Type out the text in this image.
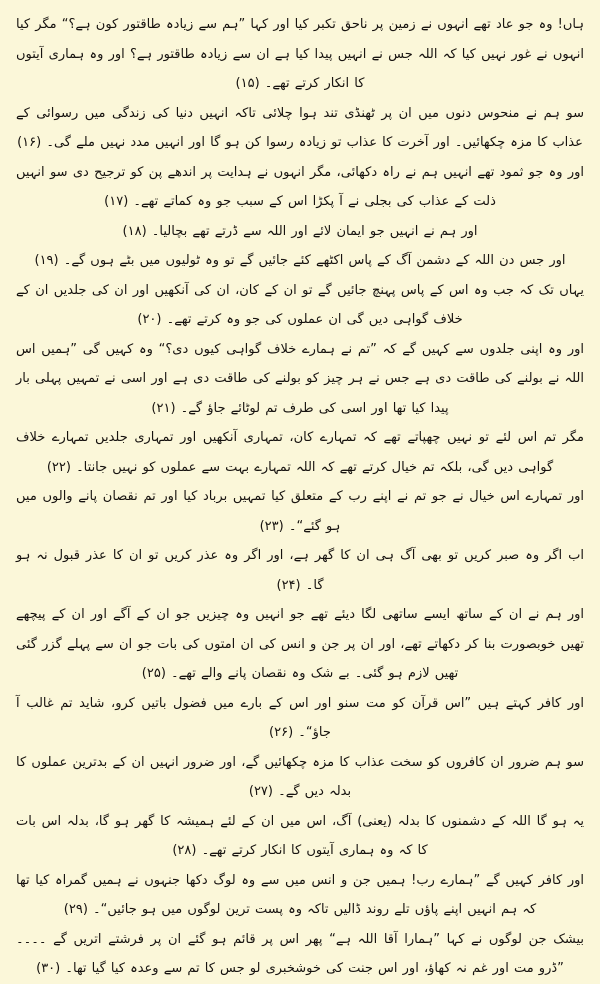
ہاں! وہ جو عاد تھے انہوں نے زمین پر ناحق تکبر کیا اور کہا ”ہم سے زیادہ طاقتور کون ہے؟“ مگر کیا انہوں نے غور نہیں کیا کہ اللہ جس نے انہیں پیدا کیا ہے ان سے زیادہ طاقتور ہے؟ اور وہ ہماری آیتوں کا انکار کرتے تھے۔ (۱۵)

سو ہم نے منحوس دنوں میں ان پر ٹھنڈی تند ہوا چلائی تاکہ انہیں دنیا کی زندگی میں رسوائی کے عذاب کا مزہ چکھائیں۔ اور آخرت کا عذاب تو زیادہ رسوا کن ہو گا اور انہیں مدد نہیں ملے گی۔ (۱۶)

اور وہ جو ثمود تھے انہیں ہم نے راہ دکھائی، مگر انہوں نے ہدایت پر اندھے پن کو ترجیح دی سو انہیں ذلت کے عذاب کی بجلی نے آ پکڑا اس کے سبب جو وہ کماتے تھے۔ (۱۷)

اور ہم نے انہیں جو ایمان لائے اور اللہ سے ڈرتے تھے بچالیا۔ (۱۸)

اور جس دن اللہ کے دشمن آگ کے پاس اکٹھے کئے جائیں گے تو وہ ٹولیوں میں بٹے ہوں گے۔ (۱۹)

یہاں تک کہ جب وہ اس کے پاس پہنچ جائیں گے تو ان کے کان، ان کی آنکھیں اور ان کی جلدیں ان کے خلاف گواہی دیں گی ان عملوں کی جو وہ کرتے تھے۔ (۲۰)

اور وہ اپنی جلدوں سے کہیں گے کہ ”تم نے ہمارے خلاف گواہی کیوں دی؟“ وہ کہیں گی ”ہمیں اس اللہ نے بولنے کی طاقت دی ہے جس نے ہر چیز کو بولنے کی طاقت دی ہے اور اسی نے تمہیں پہلی بار پیدا کیا تھا اور اسی کی طرف تم لوٹائے جاؤ گے۔ (۲۱)

مگر تم اس لئے تو نہیں چھپاتے تھے کہ تمہارے کان، تمہاری آنکھیں اور تمہاری جلدیں تمہارے خلاف گواہی دیں گی، بلکہ تم خیال کرتے تھے کہ اللہ تمہارے بہت سے عملوں کو نہیں جانتا۔ (۲۲)

اور تمہارے اس خیال نے جو تم نے اپنے رب کے متعلق کیا تمہیں برباد کیا اور تم نقصان پانے والوں میں ہو گئے“۔ (۲۳)

اب اگر وہ صبر کریں تو بھی آگ ہی ان کا گھر ہے، اور اگر وہ عذر کریں تو ان کا عذر قبول نہ ہو گا۔ (۲۴)

اور ہم نے ان کے ساتھ ایسے ساتھی لگا دیئے تھے جو انہیں وہ چیزیں جو ان کے آگے اور ان کے پیچھے تھیں خوبصورت بنا کر دکھاتے تھے، اور ان پر جن و انس کی ان امتوں کی بات جو ان سے پہلے گزر گئی تھیں لازم ہو گئی۔ بے شک وہ نقصان پانے والے تھے۔ (۲۵)

اور کافر کہتے ہیں ”اس قرآن کو مت سنو اور اس کے بارے میں فضول باتیں کرو، شاید تم غالب آ جاؤ“۔ (۲۶)

سو ہم ضرور ان کافروں کو سخت عذاب کا مزہ چکھائیں گے، اور ضرور انہیں ان کے بدترین عملوں کا بدلہ دیں گے۔ (۲۷)

یہ ہو گا اللہ کے دشمنوں کا بدلہ (یعنی) آگ، اس میں ان کے لئے ہمیشہ کا گھر ہو گا، بدلہ اس بات کا کہ وہ ہماری آیتوں کا انکار کرتے تھے۔ (۲۸)

اور کافر کہیں گے ”ہمارے رب! ہمیں جن و انس میں سے وہ لوگ دکھا جنہوں نے ہمیں گمراہ کیا تھا کہ ہم انہیں اپنے پاؤں تلے روند ڈالیں تاکہ وہ پست ترین لوگوں میں ہو جائیں“۔ (۲۹)

بیشک جن لوگوں نے کہا ”ہمارا آقا اللہ ہے“ پھر اس پر قائم ہو گئے ان پر فرشتے اتریں گے ۔۔۔۔ ”ڈرو مت اور غم نہ کھاؤ، اور اس جنت کی خوشخبری لو جس کا تم سے وعدہ کیا گیا تھا۔ (۳۰)
